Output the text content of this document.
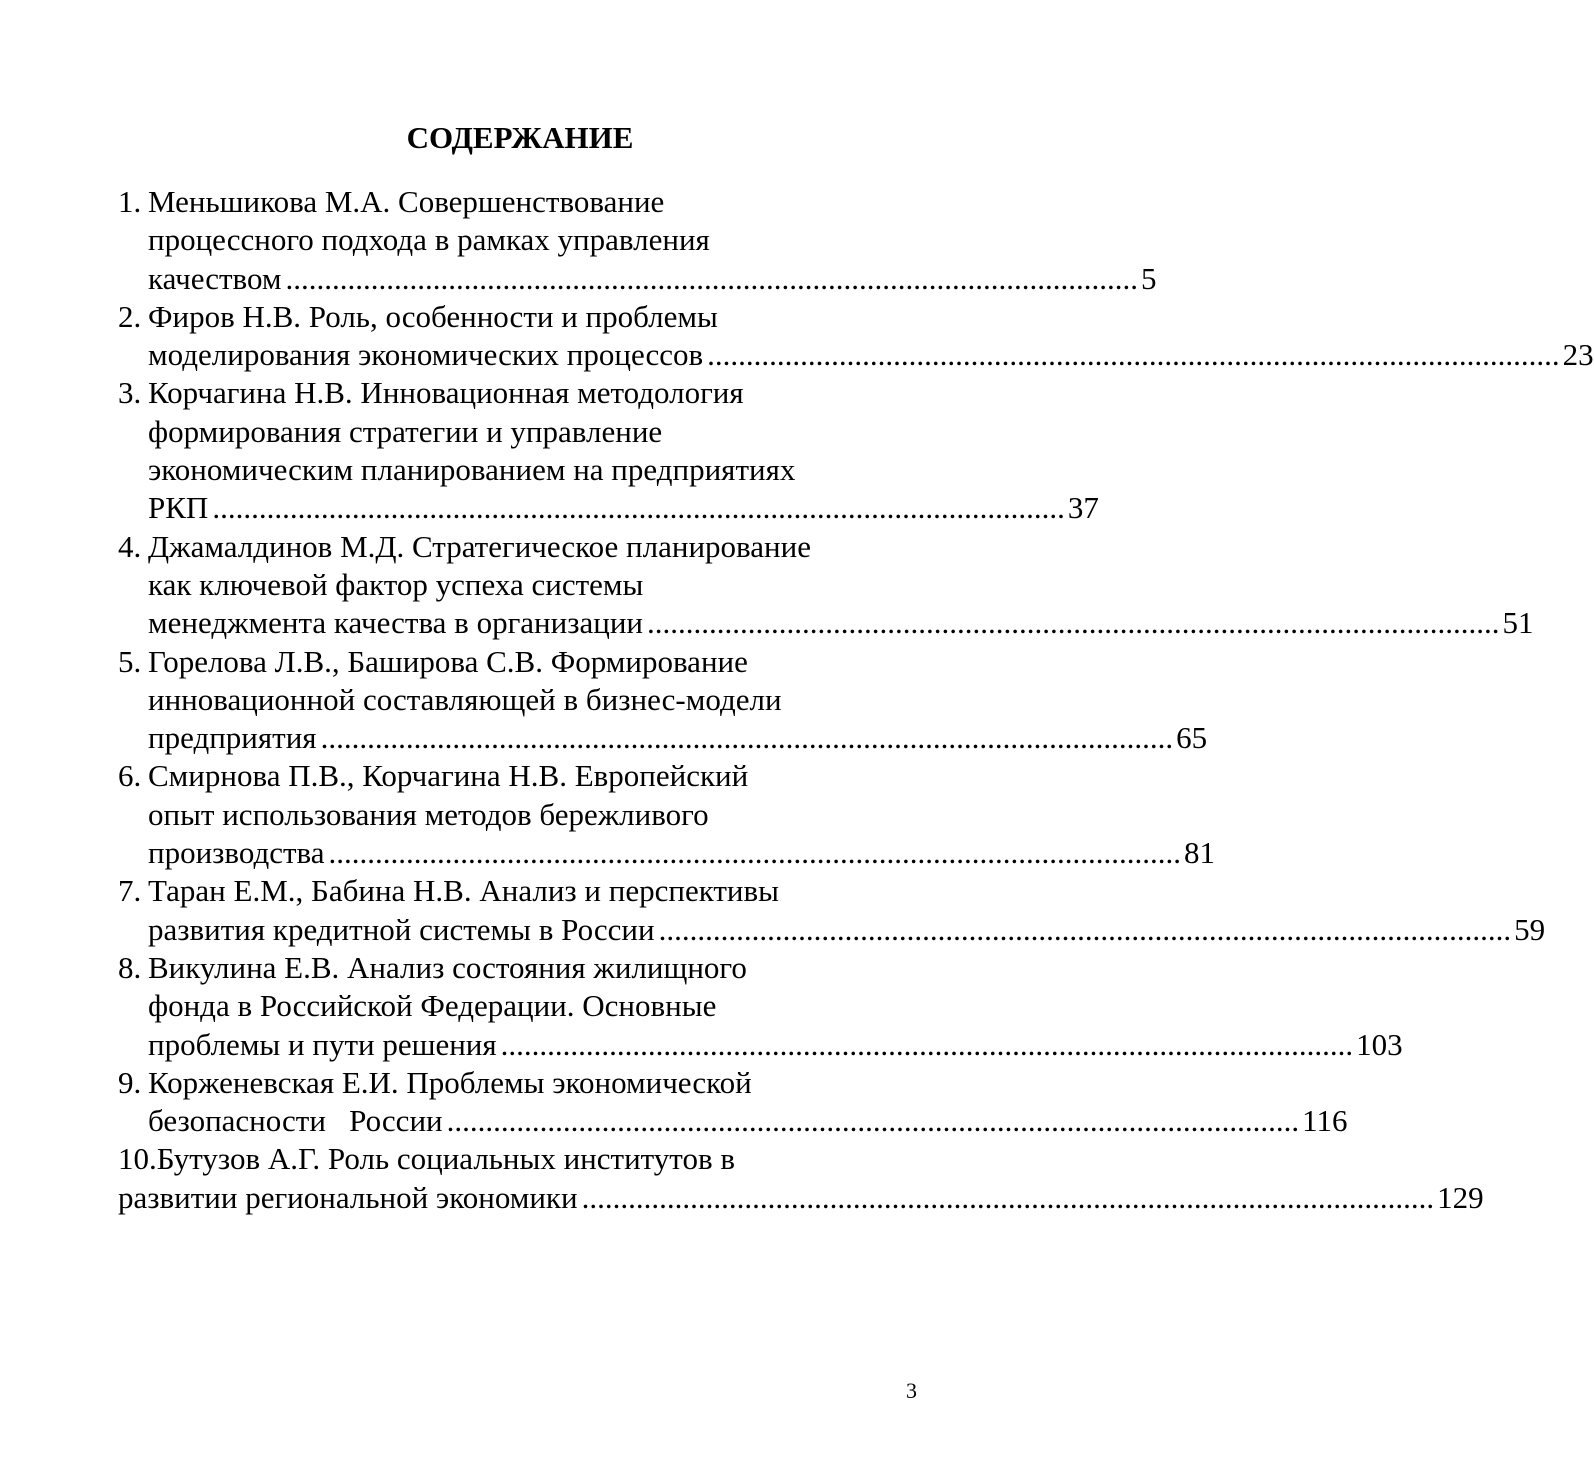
СОДЕРЖАНИЕ
1. Меньшикова М.А. Совершенствование
процессного подхода в рамках управления
качеством .............................................................................................................. 5
2. Фиров Н.В. Роль, особенности и проблемы
моделирования экономических процессов .............................................................................................................. 23
3. Корчагина Н.В. Инновационная методология
формирования стратегии и управление
экономическим планированием на предприятиях
РКП .............................................................................................................. 37
4. Джамалдинов М.Д. Стратегическое планирование
как ключевой фактор успеха системы
менеджмента качества в организации .............................................................................................................. 51
5. Горелова Л.В., Баширова С.В. Формирование
инновационной составляющей в бизнес-модели
предприятия .............................................................................................................. 65
6. Смирнова П.В., Корчагина Н.В. Европейский
опыт использования методов бережливого
производства .............................................................................................................. 81
7. Таран Е.М., Бабина Н.В. Анализ и перспективы
развития кредитной системы в России .............................................................................................................. 59
8. Викулина Е.В. Анализ состояния жилищного
фонда в Российской Федерации. Основные
проблемы и пути решения .............................................................................................................. 103
9. Корженевская Е.И. Проблемы экономической
безопасности   России .............................................................................................................. 116
10.Бутузов А.Г. Роль социальных институтов в
развитии региональной экономики .............................................................................................................. 129
3
